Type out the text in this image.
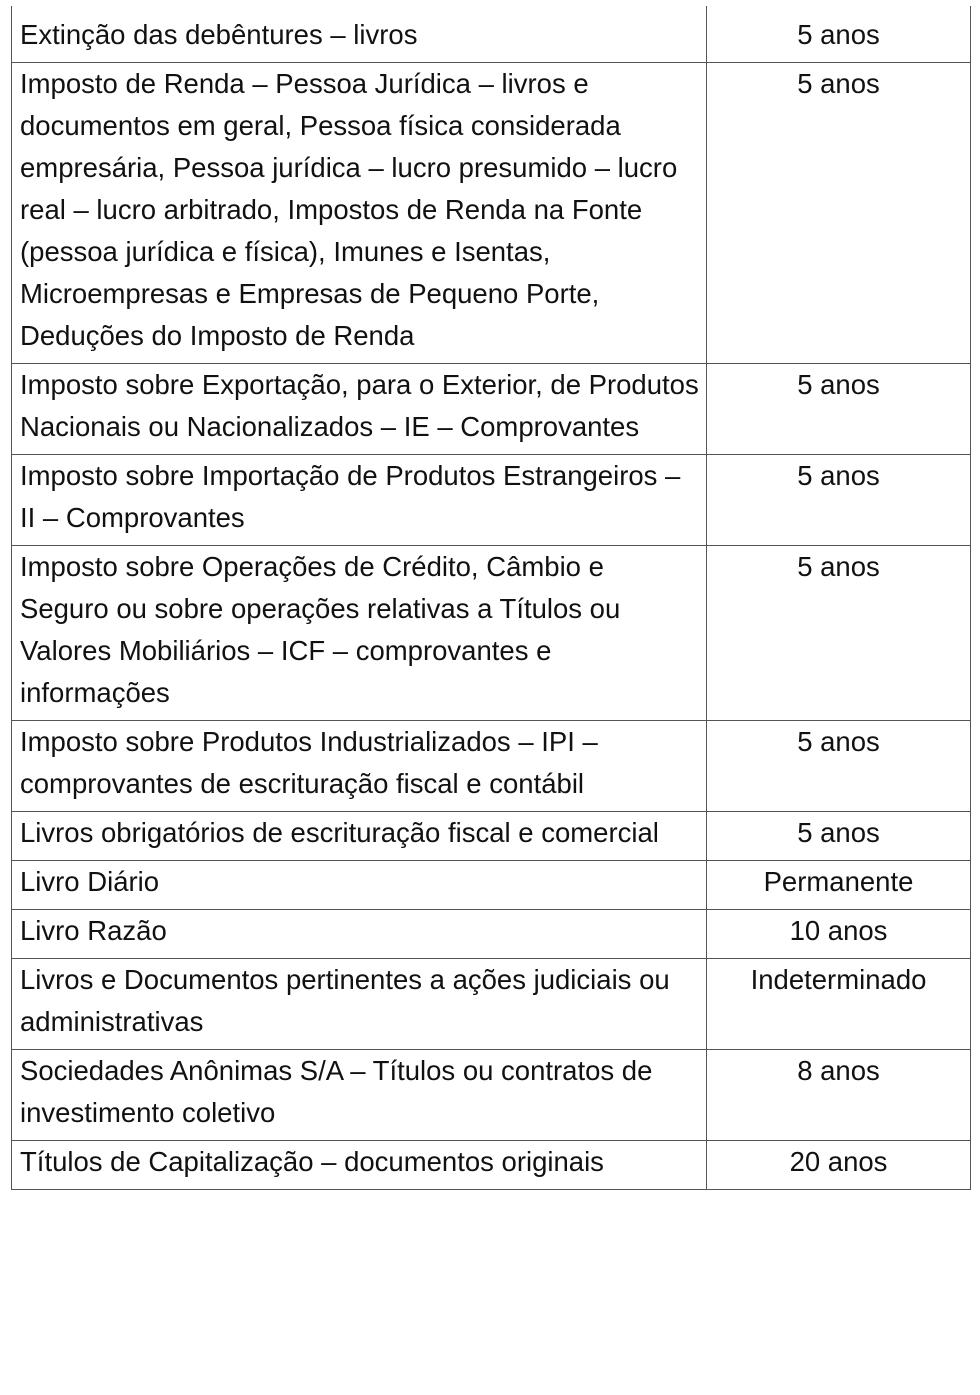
Extinção das debêntures – livros	5 anos
Imposto de Renda – Pessoa Jurídica – livros e documentos em geral, Pessoa física considerada empresária, Pessoa jurídica – lucro presumido – lucro real – lucro arbitrado, Impostos de Renda na Fonte (pessoa jurídica e física), Imunes e Isentas, Microempresas e Empresas de Pequeno Porte, Deduções do Imposto de Renda	5 anos
Imposto sobre Exportação, para o Exterior, de Produtos Nacionais ou Nacionalizados – IE – Comprovantes	5 anos
Imposto sobre Importação de Produtos Estrangeiros – II – Comprovantes	5 anos
Imposto sobre Operações de Crédito, Câmbio e Seguro ou sobre operações relativas a Títulos ou Valores Mobiliários – ICF – comprovantes e informações	5 anos
Imposto sobre Produtos Industrializados – IPI – comprovantes de escrituração fiscal e contábil	5 anos
Livros obrigatórios de escrituração fiscal e comercial	5 anos
Livro Diário	Permanente
Livro Razão	10 anos
Livros e Documentos pertinentes a ações judiciais ou administrativas	Indeterminado
Sociedades Anônimas S/A – Títulos ou contratos de investimento coletivo	8 anos
Títulos de Capitalização – documentos originais	20 anos
